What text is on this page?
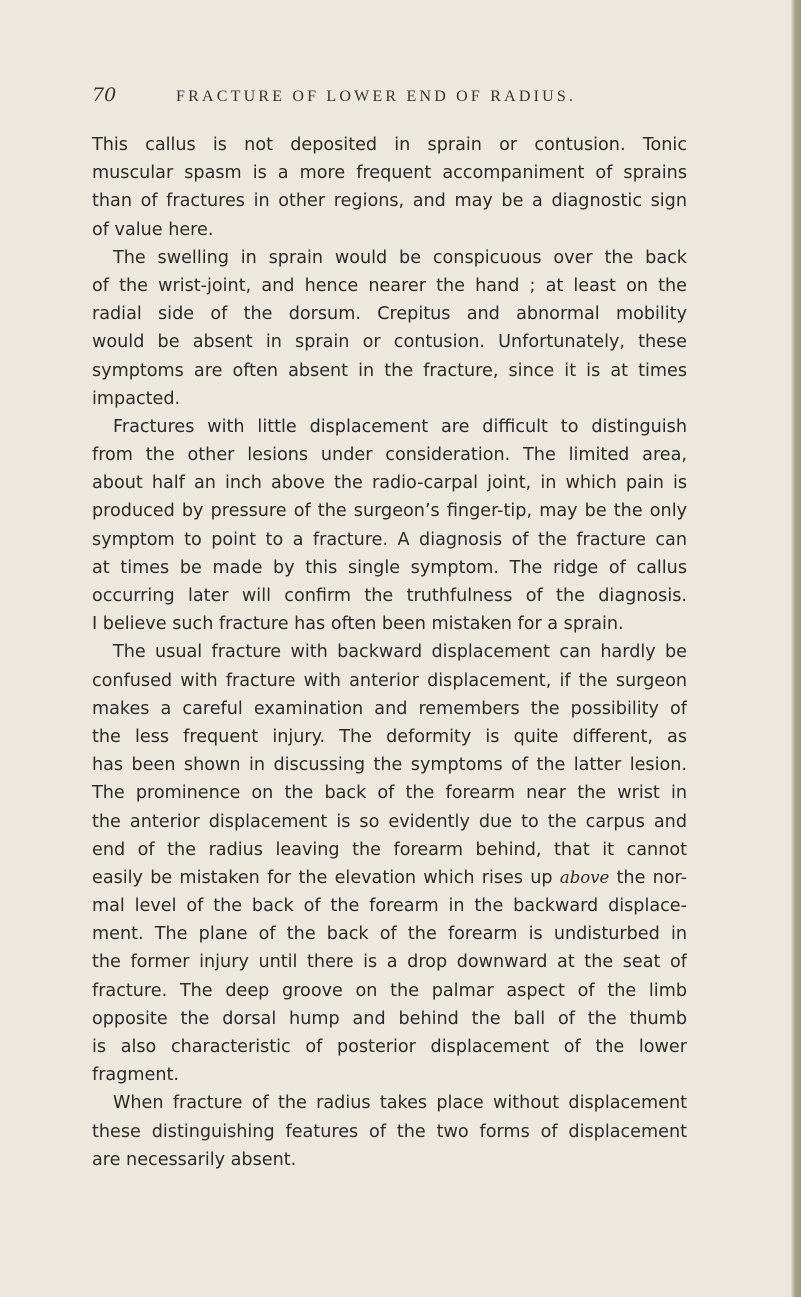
70	FRACTURE OF LOWER END OF RADIUS.
This callus is not deposited in sprain or contusion. Tonic
muscular spasm is a more frequent accompaniment of sprains
than of fractures in other regions, and may be a diagnostic sign
of value here.
The swelling in sprain would be conspicuous over the back
of the wrist-joint, and hence nearer the hand ; at least on the
radial side of the dorsum. Crepitus and abnormal mobility
would be absent in sprain or contusion. Unfortunately, these
symptoms are often absent in the fracture, since it is at times
impacted.
Fractures with little displacement are difficult to distinguish
from the other lesions under consideration. The limited area,
about half an inch above the radio-carpal joint, in which pain is
produced by pressure of the surgeon’s finger-tip, may be the only
symptom to point to a fracture. A diagnosis of the fracture can
at times be made by this single symptom. The ridge of callus
occurring later will confirm the truthfulness of the diagnosis.
I believe such fracture has often been mistaken for a sprain.
The usual fracture with backward displacement can hardly be
confused with fracture with anterior displacement, if the surgeon
makes a careful examination and remembers the possibility of
the less frequent injury. The deformity is quite different, as
has been shown in discussing the symptoms of the latter lesion.
The prominence on the back of the forearm near the wrist in
the anterior displacement is so evidently due to the carpus and
end of the radius leaving the forearm behind, that it cannot
easily be mistaken for the elevation which rises up above the nor-
mal level of the back of the forearm in the backward displace-
ment. The plane of the back of the forearm is undisturbed in
the former injury until there is a drop downward at the seat of
fracture. The deep groove on the palmar aspect of the limb
opposite the dorsal hump and behind the ball of the thumb
is also characteristic of posterior displacement of the lower
fragment.
When fracture of the radius takes place without displacement
these distinguishing features of the two forms of displacement
are necessarily absent.
